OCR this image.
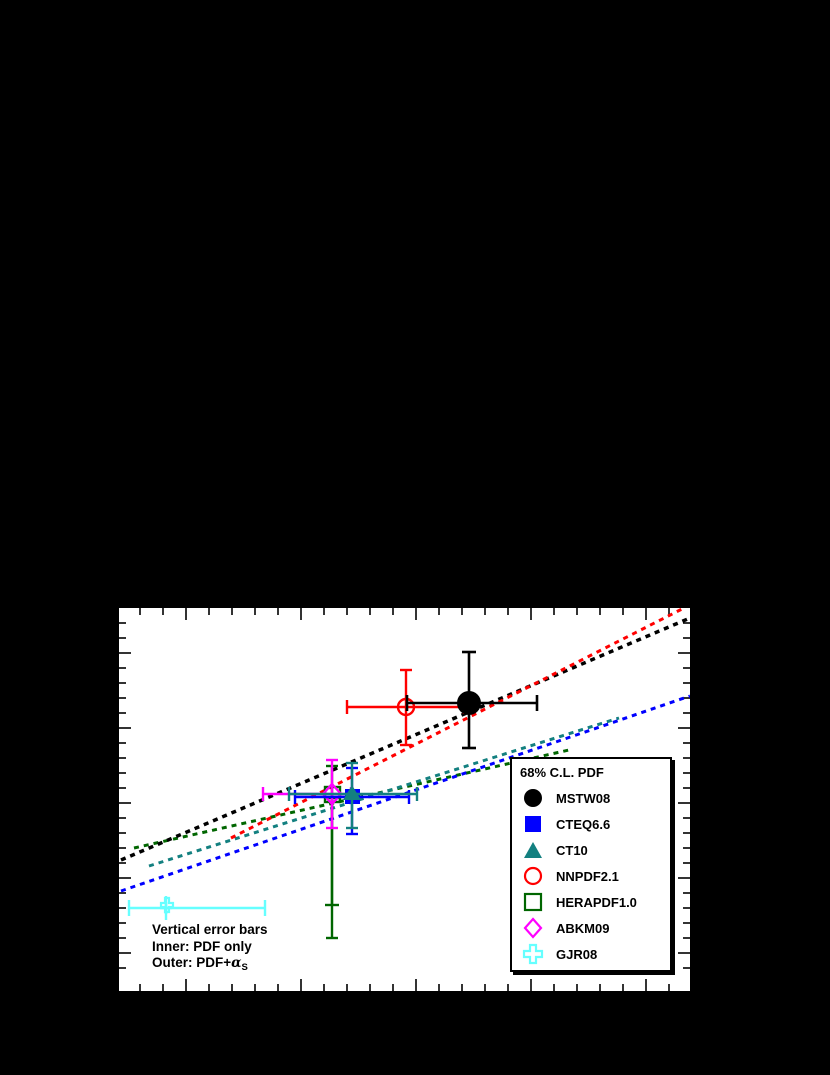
Vertical error bars
Inner: PDF only
Outer: $PDF+\alpha_S$
68% C.L. PDF
MSTW08
CTEQ6.6
CT10
NNPDF2.1
HERAPDF1.0
ABKM09
GJR08
